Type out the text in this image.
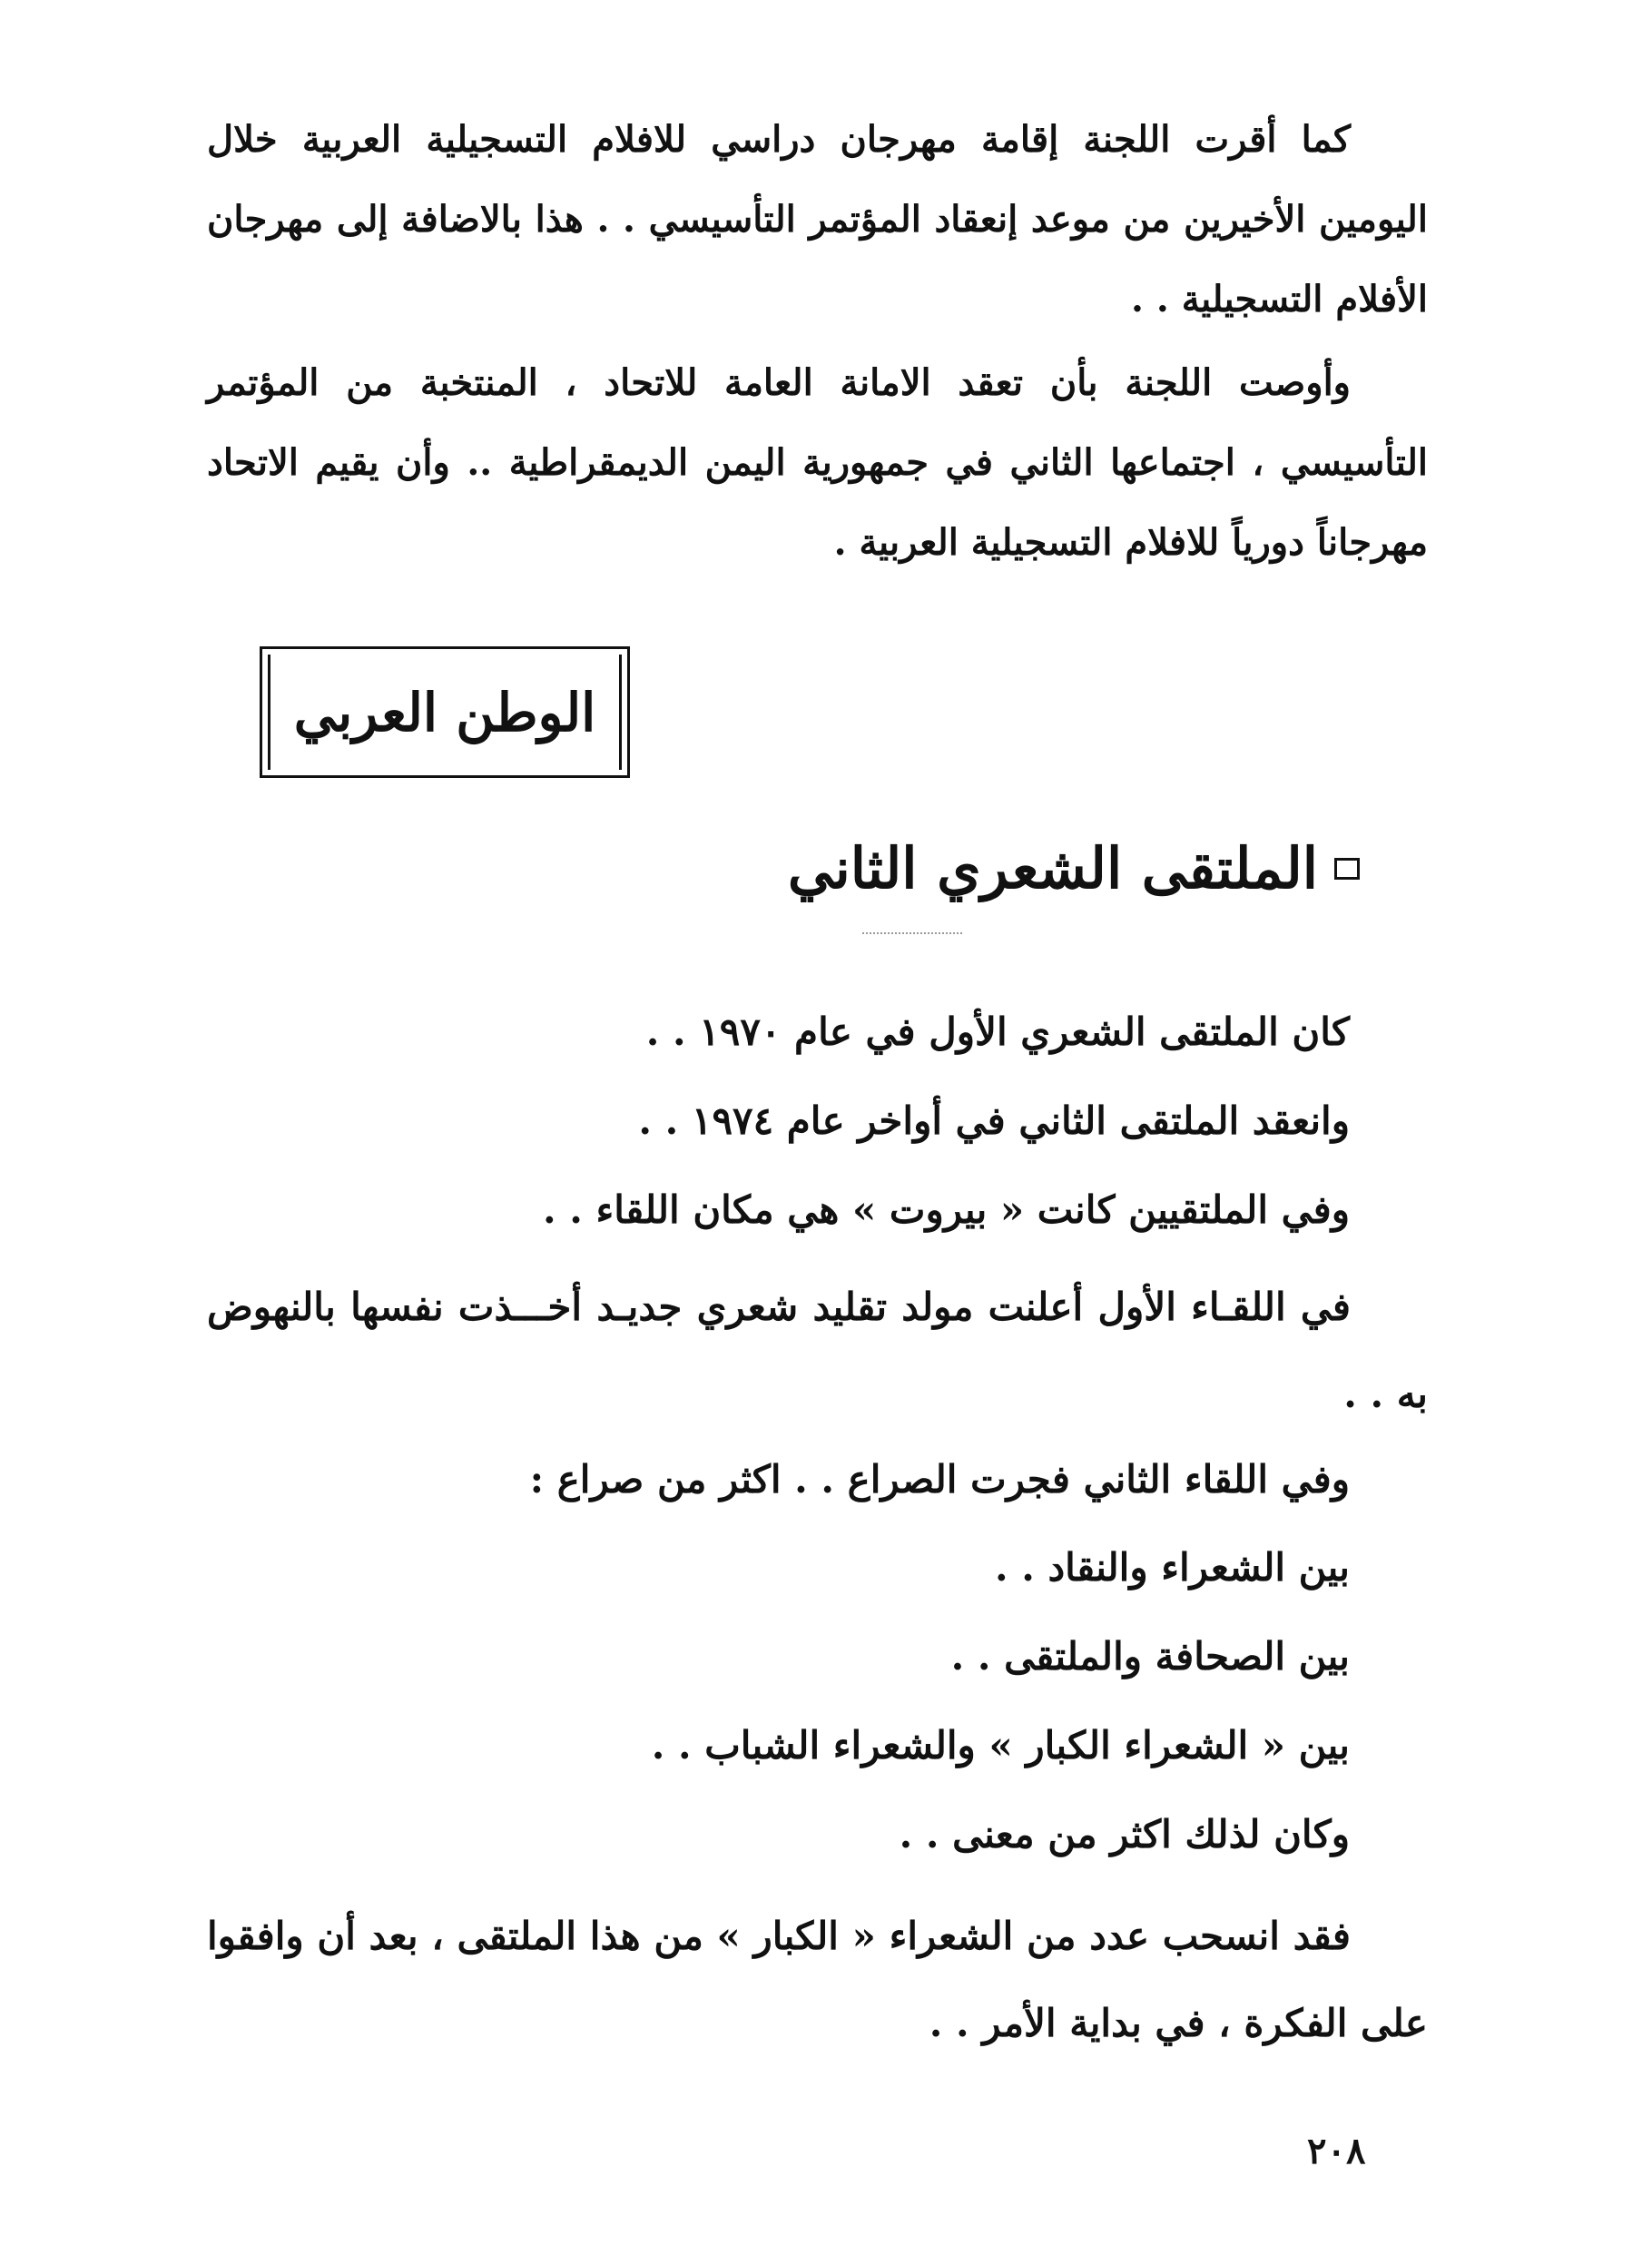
كما أقرت اللجنة إقامة مهرجان دراسي للافلام التسجيلية العربية خلال اليومين الأخيرين من موعد إنعقاد المؤتمر التأسيسي . . هذا بالاضافة إلى مهرجان الأفلام التسجيلية . .

وأوصت اللجنة بأن تعقد الامانة العامة للاتحاد ، المنتخبة من المؤتمر التأسيسي ، اجتماعها الثاني في جمهورية اليمن الديمقراطية .. وأن يقيم الاتحاد مهرجاناً دورياً للافلام التسجيلية العربية .

الوطن العربي
الملتقى الشعري الثاني
كان الملتقى الشعري الأول في عام ١٩٧٠ . .
وانعقد الملتقى الثاني في أواخر عام ١٩٧٤ . .
وفي الملتقيين كانت « بيروت » هي مكان اللقاء . .

في اللقـاء الأول أعلنت مولد تقليد شعري جديـد أخـــذت نفسها بالنهوض به . .

وفي اللقاء الثاني فجرت الصراع . . اكثر من صراع :
بين الشعراء والنقاد . .
بين الصحافة والملتقى . .
بين « الشعراء الكبار » والشعراء الشباب . .
وكان لذلك اكثر من معنى . .

فقد انسحب عدد من الشعراء « الكبار » من هذا الملتقى ، بعد أن وافقوا على الفكرة ، في بداية الأمر . .

٢٠٨
